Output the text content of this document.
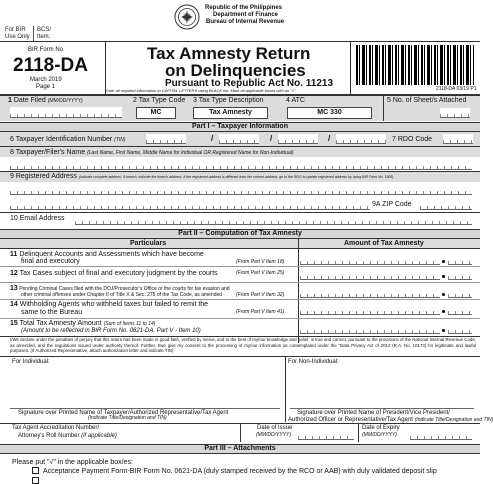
For BIR
Use Only
BCS/
Item:
Republic of the Philippines
Department of Finance
Bureau of Internal Revenue
BIR Form No.
2118-DA
March 2019
Page 1
Tax Amnesty Return
on Delinquencies
Pursuant to Republic Act No. 11213
Enter all required information in CAPITAL LETTERS using BLACK ink. Mark all applicable boxes with an "√".	2118-DA 03/19 P1
1 Date Filed (MM/DD/YYYY)	2 Tax Type Code
MC
3 Tax Type Description
Tax Amnesty
4 ATC
MC 330
5 No. of Sheet/s Attached
Part I – Taxpayer Information
6 Taxpayer Identification Number (TIN)	/	/	/	7 RDO Code
8 Taxpayer/Filer's Name (Last Name, First Name, Middle Name for Individual OR Registered Name for Non-Individual)
9 Registered Address (Indicate complete address. If branch, indicate the branch address. If the registered address is different from the current address, go to the RDO to update registered address by using BIR Form No. 1905)
9A ZIP Code
10 Email Address
Part II – Computation of Tax Amnesty
Particulars	Amount of Tax Amnesty
11 Delinquent Accounts and Assessments which have become
final and executory	(From Part V Item 18)
12 Tax Cases subject of final and executory judgment by the courts	(From Part V Item 25)
13 Pending Criminal Cases filed with the DOJ/Prosecutor's Office or the courts for tax evasion and
other criminal offenses under Chapter II of Title X & Sec. 275 of the Tax Code, as amended	(From Part V Item 32)
14 Withholding Agents who withheld taxes but failed to remit the
same to the Bureau	(From Part V Item 41)
15 Total Tax Amnesty Amount (Sum of Items 11 to 14)
(Amount to be reflected in BIR Form No. 0621-DA, Part V - Item 10)
I/We declare under the penalties of perjury that this return has been made in good faith, verified by me/us, and to the best of my/our knowledge and belief, is true and correct, pursuant to the provisions of the National Internal Revenue Code, as amended, and the regulations issued under authority thereof. Further, I/we give my consent to the processing of my/our information as contemplated under the "Data Privacy Act of 2012 (R.A. No. 10173) for legitimate and lawful purposes. (If Authorized Representative, attach authorization letter and indicate TIN)
For Individual:	For Non-Individual:
Signature over Printed Name of Taxpayer/Authorized Representative/Tax Agent
(Indicate Title/Designation and TIN)
Signature over Printed Name of President/Vice President/
Authorized Officer or Representative/Tax Agent (Indicate Title/Designation and TIN)
Tax Agent Accreditation Number/
Attorney's Roll Number (if applicable)
Date of Issue
(MM/DD/YYYY)
Date of Expiry
(MM/DD/YYYY)
Part III – Attachments
Please put "√" in the applicable box/es:
Acceptance Payment Form-BIR Form No. 0621-DA (duly stamped received by the RCO or AAB) with duly validated deposit slip
